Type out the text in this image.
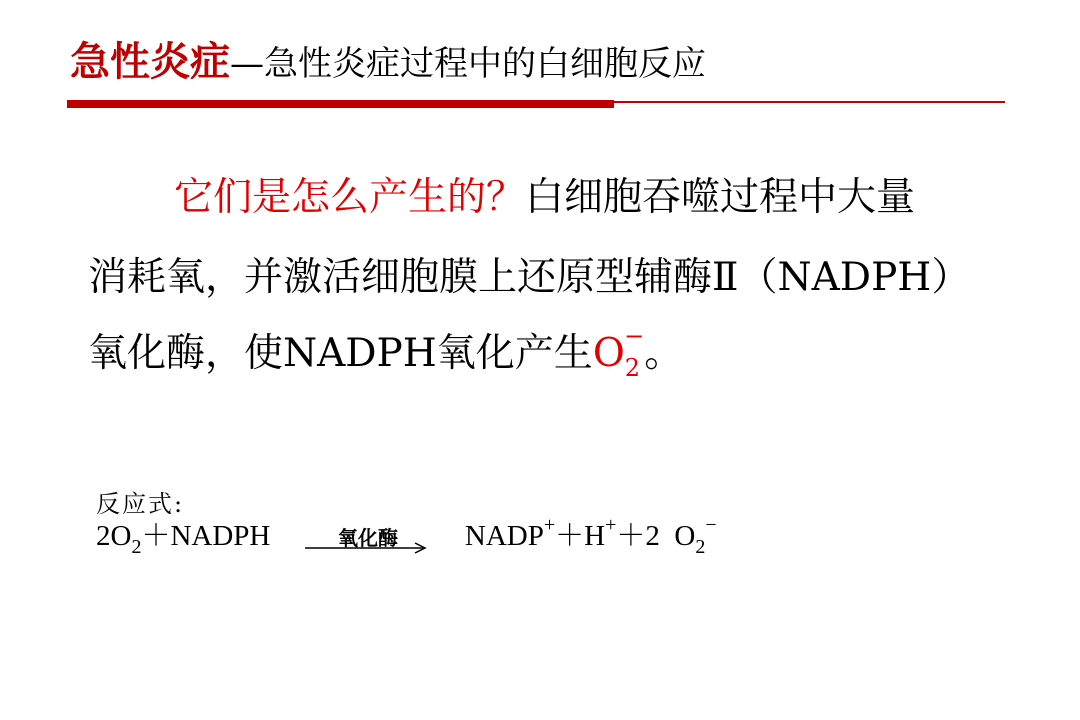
急性炎症—急性炎症过程中的白细胞反应
它们是怎么产生的？白细胞吞噬过程中大量
消耗氧，并激活细胞膜上还原型辅酶Ⅱ（NADPH）
氧化酶，使NADPH氧化产生$O_2^-$。
反应式:
$2O_2+NADPH$	NADP+＋H+＋2 $O_2^-$
氧化酶
